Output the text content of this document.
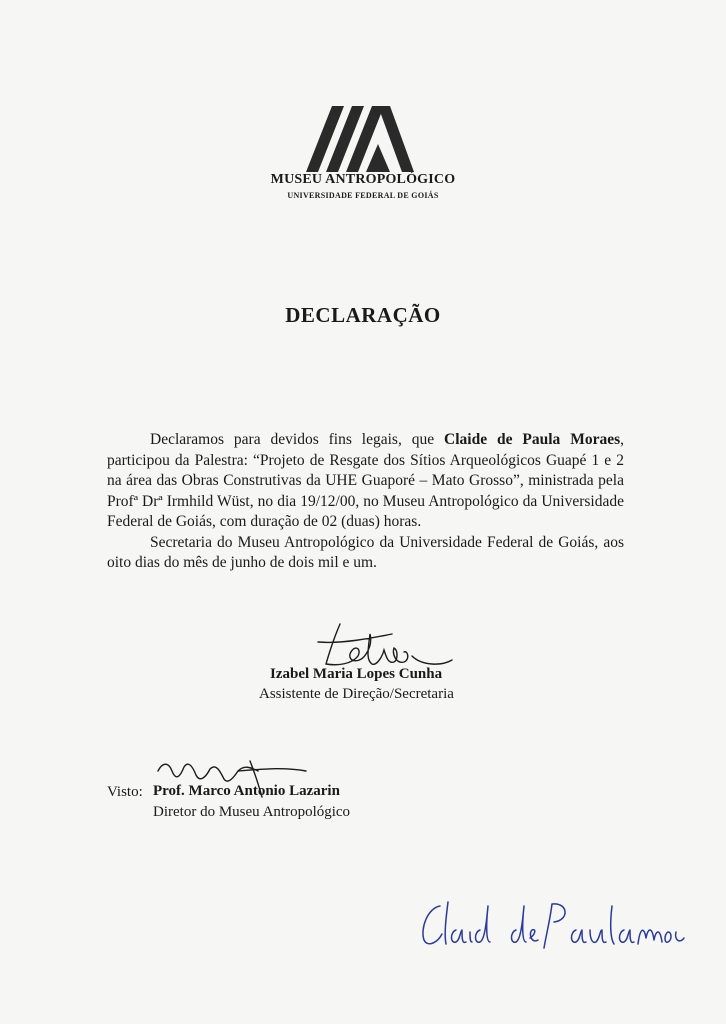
MUSEU ANTROPOLÓGICO
UNIVERSIDADE FEDERAL DE GOIÁS
DECLARAÇÃO

Declaramos para devidos fins legais, que Claide de Paula Moraes, participou da Palestra: “Projeto de Resgate dos Sítios Arqueológicos Guapé 1 e 2 na área das Obras Construtivas da UHE Guaporé – Mato Grosso”, ministrada pela Profª Drª Irmhild Wüst, no dia 19/12/00, no Museu Antropológico da Universidade Federal de Goiás, com duração de 02 (duas) horas.

Secretaria do Museu Antropológico da Universidade Federal de Goiás, aos oito dias do mês de junho de dois mil e um.

Izabel Maria Lopes Cunha
Assistente de Direção/Secretaria
Visto: Prof. Marco Antonio Lazarin
Diretor do Museu Antropológico
